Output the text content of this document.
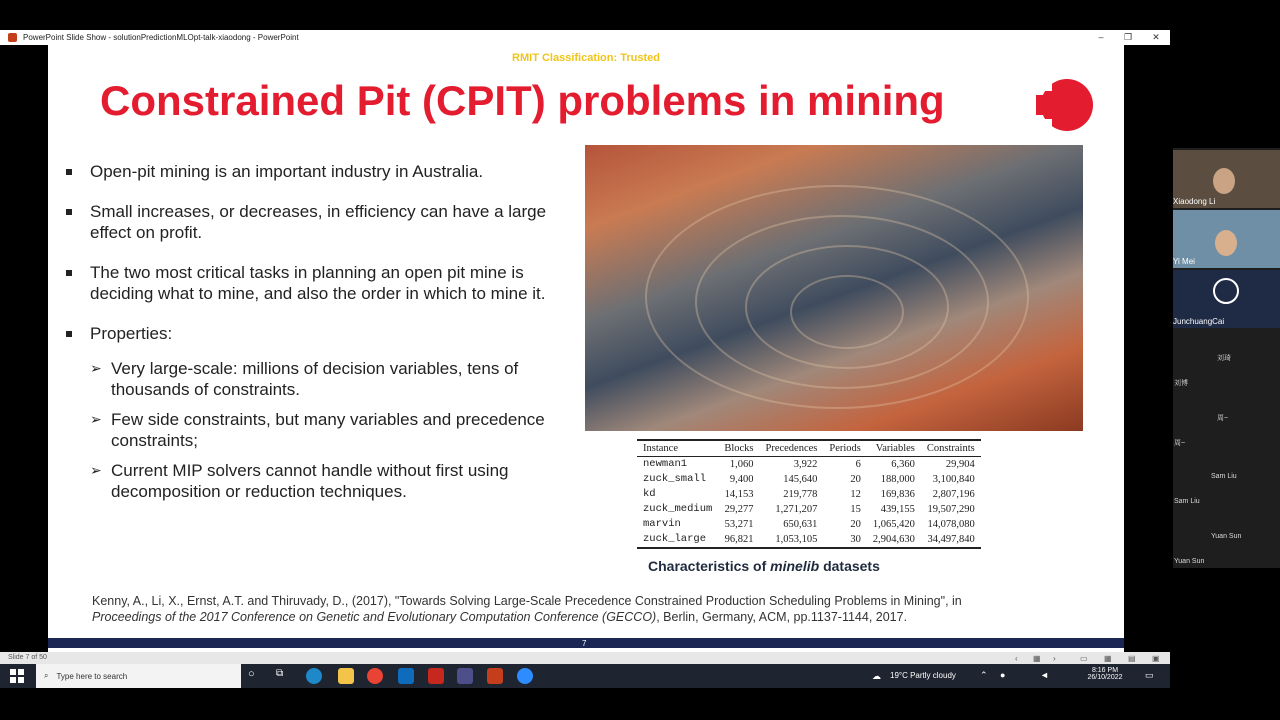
PowerPoint Slide Show - solutionPredictionMLOpt-talk-xiaodong - PowerPoint	–	❐	✕
RMIT Classification: Trusted
Constrained Pit (CPIT) problems in mining
Open-pit mining is an important industry in Australia.
Small increases, or decreases, in efficiency can have a large effect on profit.
The two most critical tasks in planning an open pit mine is deciding what to mine, and also the order in which to mine it.
Properties:
➢ Very large-scale: millions of decision variables, tens of thousands of constraints.
➢ Few side constraints, but many variables and precedence constraints;
➢ Current MIP solvers cannot handle without first using decomposition or reduction techniques.
Instance	Blocks	Precedences	Periods	Variables	Constraints
newman1	1,060	3,922	6	6,360	29,904
zuck_small	9,400	145,640	20	188,000	3,100,840
kd	14,153	219,778	12	169,836	2,807,196
zuck_medium	29,277	1,271,207	15	439,155	19,507,290
marvin	53,271	650,631	20	1,065,420	14,078,080
zuck_large	96,821	1,053,105	30	2,904,630	34,497,840
Characteristics of minelib datasets
Kenny, A., Li, X., Ernst, A.T. and Thiruvady, D., (2017), "Towards Solving Large-Scale Precedence Constrained Production Scheduling Problems in Mining", in
Proceedings of the 2017 Conference on Genetic and Evolutionary Computation Conference (GECCO), Berlin, Germany, ACM, pp.1137-1144, 2017.
7
Slide 7 of 50	‹ ▦ ›	▭ ▦ ▤ ▣
⌕ Type here to search	○	⧉	☁ 19°C Partly cloudy	⌃ ●	◄	8:16 PM
26/10/2022 ▭
Xiaodong Li
Yi Mei
JunchuangCai
刘琦
刘博
周~
周~
Sam Liu
Sam Liu
Yuan Sun
Yuan Sun
